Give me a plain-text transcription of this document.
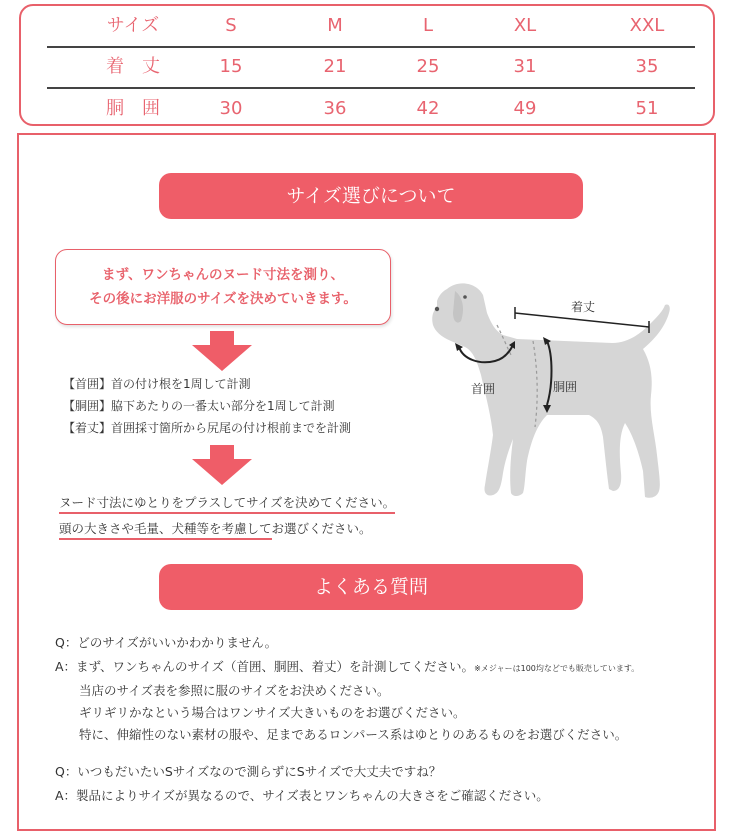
サイズ	S	M	L	XL	XXL
着　丈	15	21	25	31	35
胴　囲	30	36	42	49	51
サイズ選びについて
まず、ワンちゃんのヌード寸法を測り、
その後にお洋服のサイズを決めていきます。
【首囲】首の付け根を1周して計測
【胴囲】脇下あたりの一番太い部分を1周して計測
【着丈】首囲採寸箇所から尻尾の付け根前までを計測
ヌード寸法にゆとりをプラスしてサイズを決めてください。
頭の大きさや毛量、犬種等を考慮してお選びください。
着丈
首囲	胴囲
よくある質問
Q：どのサイズがいいかわかりません。
A：まず、ワンちゃんのサイズ（首囲、胴囲、着丈）を計測してください。※メジャーは100均などでも販売しています。
当店のサイズ表を参照に服のサイズをお決めください。
ギリギリかなという場合はワンサイズ大きいものをお選びください。
特に、伸縮性のない素材の服や、足まであるロンパース系はゆとりのあるものをお選びください。
Q：いつもだいたいSサイズなので測らずにSサイズで大丈夫ですね？
A：製品によりサイズが異なるので、サイズ表とワンちゃんの大きさをご確認ください。
